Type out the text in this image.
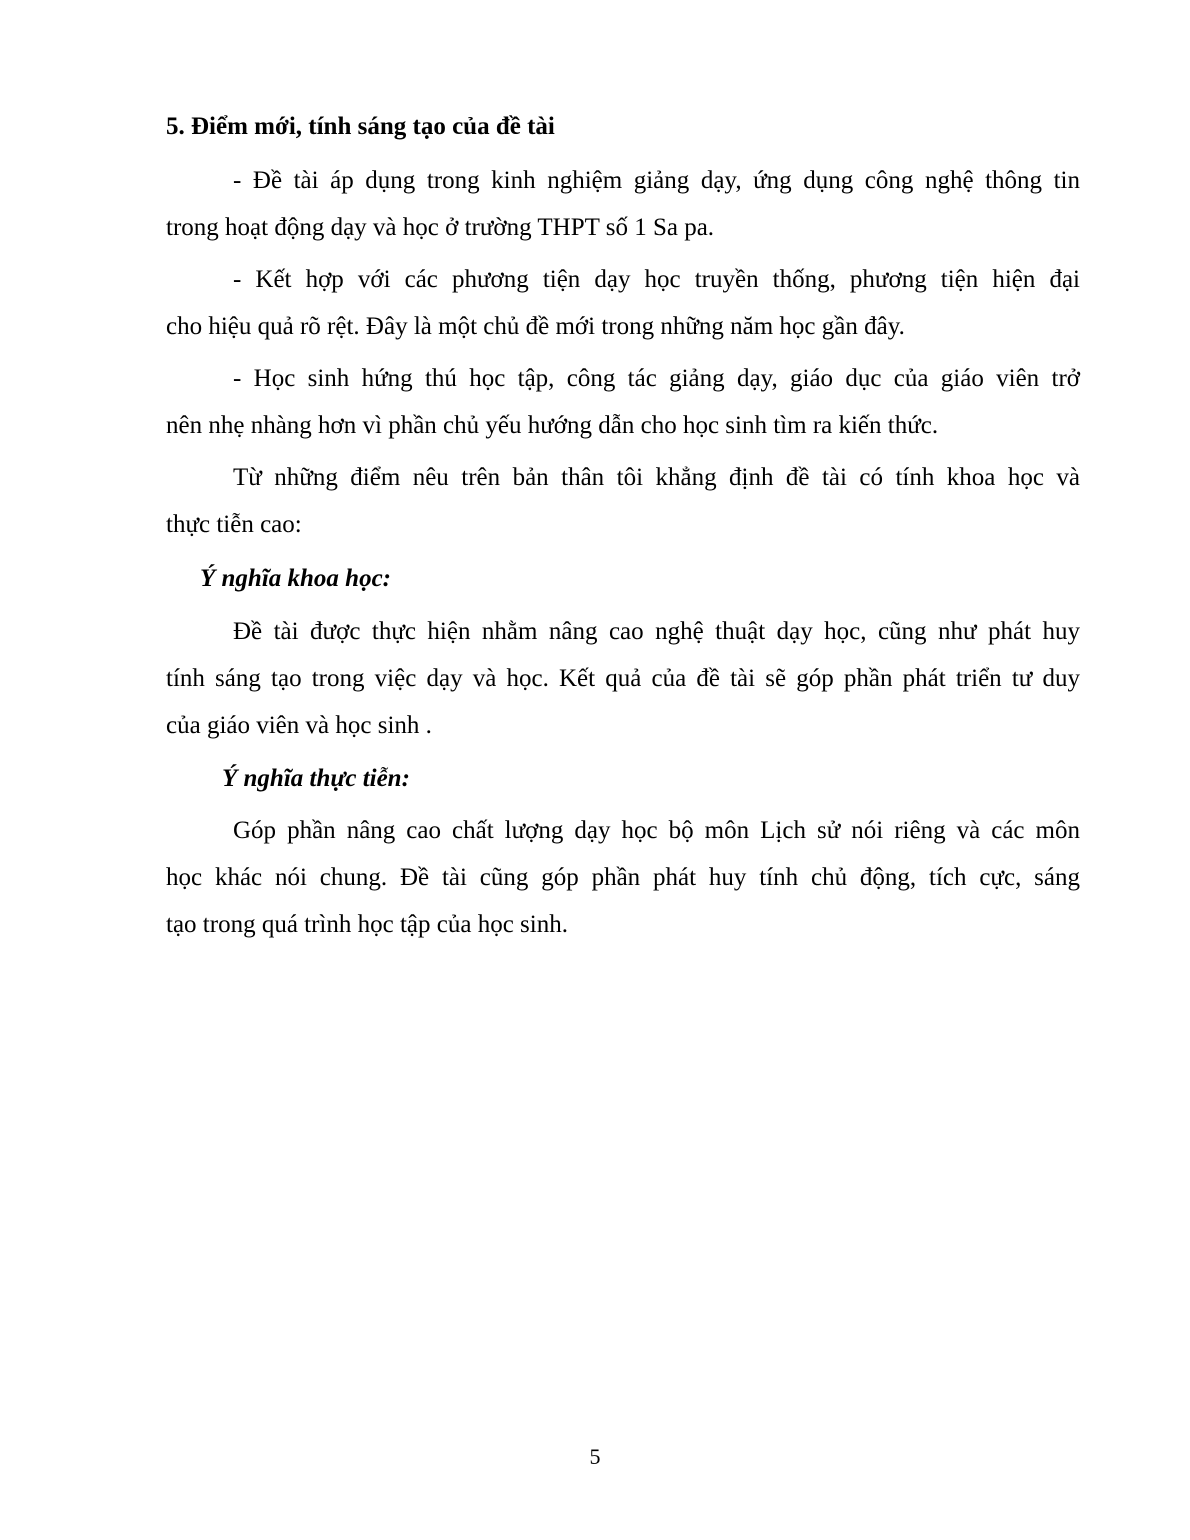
5. Điểm mới, tính sáng tạo của đề tài
- Đề tài áp dụng trong kinh nghiệm giảng dạy, ứng dụng công nghệ thông tin
trong hoạt động dạy và học ở trường THPT số 1 Sa pa.
- Kết hợp với các phương tiện dạy học truyền thống, phương tiện hiện đại
cho hiệu quả rõ rệt. Đây là một chủ đề mới trong những năm học gần đây.
- Học sinh hứng thú học tập, công tác giảng dạy, giáo dục của giáo viên trở
nên nhẹ nhàng hơn vì phần chủ yếu hướng dẫn cho học sinh tìm ra kiến thức.
Từ những điểm nêu trên bản thân tôi khẳng định đề tài có tính khoa học và
thực tiễn cao:
Ý nghĩa khoa học:
Đề tài được thực hiện nhằm nâng cao nghệ thuật dạy học, cũng như phát huy
tính sáng tạo trong việc dạy và học. Kết quả của đề tài sẽ góp phần phát triển tư duy
của giáo viên và học sinh .
Ý nghĩa thực tiễn:
Góp phần nâng cao chất lượng dạy học bộ môn Lịch sử nói riêng và các môn
học khác nói chung. Đề tài cũng góp phần phát huy tính chủ động, tích cực, sáng
tạo trong quá trình học tập của học sinh.
5
